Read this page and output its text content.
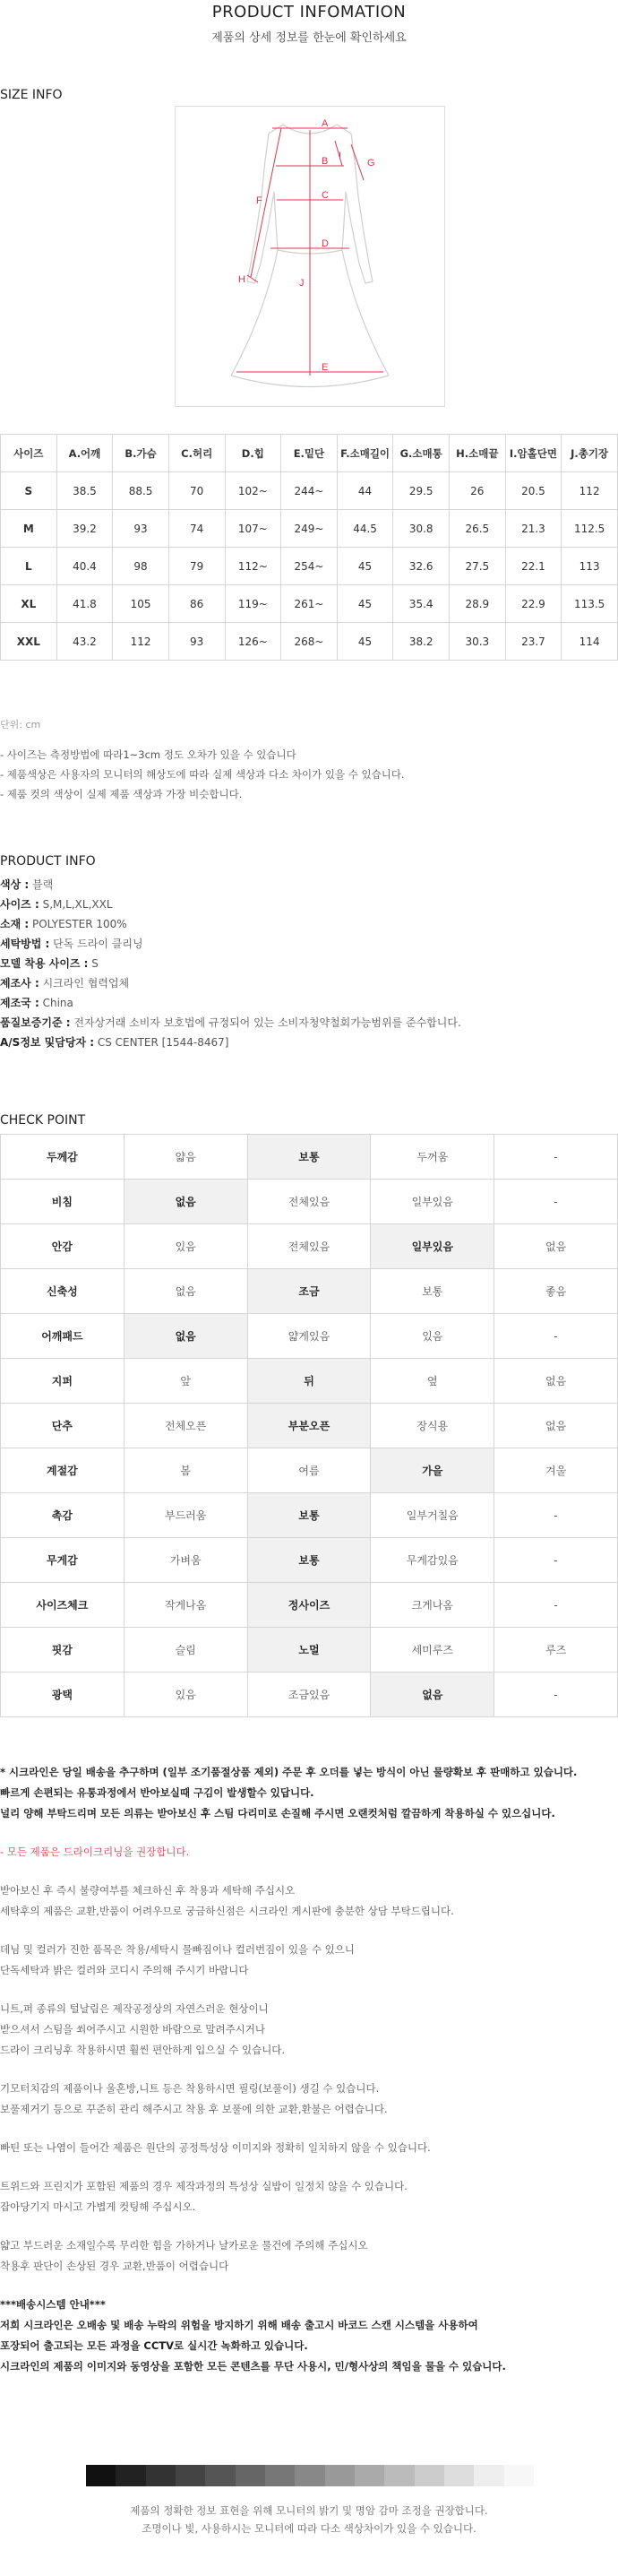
PRODUCT INFOMATION

제품의 상세 정보를 한눈에 확인하세요

SIZE INFO
A
B
C
D
E
F
G
H
I
J
사이즈	A.어깨	B.가슴	C.허리	D.힙	E.밑단	F.소매길이	G.소매통	H.소매끝	I.암홀단면	J.총기장
S	38.5	88.5	70	102~	244~	44	29.5	26	20.5	112
M	39.2	93	74	107~	249~	44.5	30.8	26.5	21.3	112.5
L	40.4	98	79	112~	254~	45	32.6	27.5	22.1	113
XL	41.8	105	86	119~	261~	45	35.4	28.9	22.9	113.5
XXL	43.2	112	93	126~	268~	45	38.2	30.3	23.7	114
단위: cm
- 사이즈는 측정방법에 따라1~3cm 정도 오차가 있을 수 있습니다
- 제품색상은 사용자의 모니터의 해상도에 따라 실제 색상과 다소 차이가 있을 수 있습니다.
- 제품 컷의 색상이 실제 제품 색상과 가장 비슷합니다.
PRODUCT INFO
색상 : 블랙
사이즈 : S,M,L,XL,XXL
소재 : POLYESTER 100%
세탁방법 : 단독 드라이 클리닝
모델 착용 사이즈 : S
제조사 : 시크라인 협력업체
제조국 : China
품질보증기준 : 전자상거래 소비자 보호법에 규정되어 있는 소비자청약철회가능범위를 준수합니다.
A/S정보 및담당자 : CS CENTER [1544-8467]
CHECK POINT
두께감	얇음	보통	두꺼움	-
비침	없음	전체있음	일부있음	-
안감	있음	전체있음	일부있음	없음
신축성	없음	조금	보통	좋음
어깨패드	없음	얇게있음	있음	-
지퍼	앞	뒤	옆	없음
단추	전체오픈	부분오픈	장식용	없음
계절감	봄	여름	가을	겨울
촉감	부드러움	보통	일부거칠음	-
무게감	가벼움	보통	무게감있음	-
사이즈체크	작게나옴	정사이즈	크게나옴	-
핏감	슬림	노멀	세미루즈	루즈
광택	있음	조금있음	없음	-
* 시크라인은 당일 배송을 추구하며 (일부 조기품절상품 제외) 주문 후 오더를 넣는 방식이 아닌 물량확보 후 판매하고 있습니다.
빠르게 손편되는 유통과정에서 반아보실때 구김이 발생할수 있답니다.
널리 양해 부탁드리며 모든 의류는 받아보신 후 스팀 다리미로 손질해 주시면 오랜컷처럼 깔끔하게 착용하실 수 있으십니다.
- 모든 제품은 드라이크리닝을 권장합니다.
받아보신 후 즉시 불량여부를 체크하신 후 착용과 세탁해 주십시오
세탁후의 제품은 교환,반품이 어려우므로 궁금하신점은 시크라인 게시판에 충분한 상담 부탁드립니다.
데님 및 컬러가 진한 품목은 착용/세탁시 물빠짐이나 컬러번짐이 있을 수 있으니
단독세탁과 밝은 컬러와 코디시 주의해 주시기 바랍니다
니트,퍼 종류의 털날림은 제작공정상의 자연스러운 현상이니
받으셔서 스팀을 쐬어주시고 시원한 바람으로 말려주시거나
드라이 크리닝후 착용하시면 훨씬 편안하게 입으실 수 있습니다.
기모터치감의 제품이나 울혼방,니트 등은 착용하시면 필링(보풀이) 생길 수 있습니다.
보풀제거기 등으로 꾸준히 관리 해주시고 착용 후 보풀에 의한 교환,환불은 어렵습니다.
빠틴 또는 나염이 들어간 제품은 원단의 공정특성상 이미지와 정확히 일치하지 않을 수 있습니다.
트위드와 프린지가 포함된 제품의 경우 제작과정의 특성상 실밥이 일정치 않을 수 있습니다.
잡아당기지 마시고 가볍게 컷팅해 주십시오.
얇고 부드러운 소재일수록 무리한 힘을 가하거나 날카로운 물건에 주의해 주십시오
착용후 판단이 손상된 경우 교환,반품이 어렵습니다
***배송시스템 안내***
저희 시크라인은 오배송 및 배송 누락의 위험을 방지하기 위해 배송 출고시 바코드 스캔 시스템을 사용하여
포장되어 출고되는 모든 과정을 CCTV로 실시간 녹화하고 있습니다.
시크라인의 제품의 이미지와 동영상을 포함한 모든 콘텐츠를 무단 사용시, 민/형사상의 책임을 물을 수 있습니다.
제품의 정확한 정보 표현을 위해 모니터의 밝기 및 명암 감마 조정을 권장합니다.
조명이나 빛, 사용하시는 모니터에 따라 다소 색상차이가 있을 수 있습니다.
